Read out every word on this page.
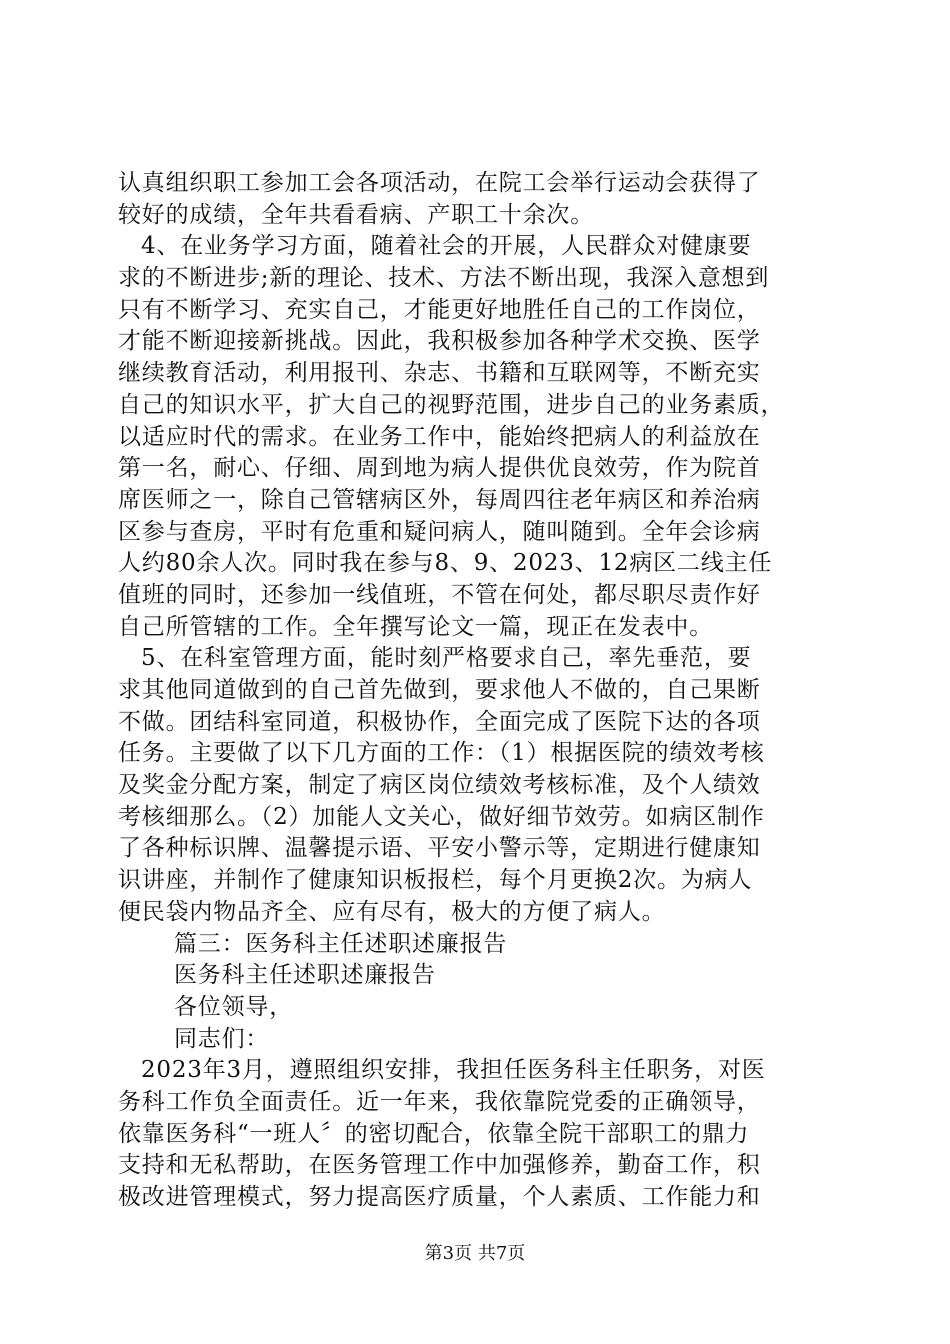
认真组织职工参加工会各项活动，在院工会举行运动会获得了
较好的成绩，全年共看看病、产职工十余次。
4、在业务学习方面，随着社会的开展，人民群众对健康要
求的不断进步;新的理论、技术、方法不断出现，我深入意想到
只有不断学习、充实自己，才能更好地胜任自己的工作岗位，
才能不断迎接新挑战。因此，我积极参加各种学术交换、医学
继续教育活动，利用报刊、杂志、书籍和互联网等，不断充实
自己的知识水平，扩大自己的视野范围，进步自己的业务素质，
以适应时代的需求。在业务工作中，能始终把病人的利益放在
第一名，耐心、仔细、周到地为病人提供优良效劳，作为院首
席医师之一，除自己管辖病区外，每周四往老年病区和养治病
区参与查房，平时有危重和疑问病人，随叫随到。全年会诊病
人约80余人次。同时我在参与8、9、2023、12病区二线主任
值班的同时，还参加一线值班，不管在何处，都尽职尽责作好
自己所管辖的工作。全年撰写论文一篇，现正在发表中。
5、在科室管理方面，能时刻严格要求自己，率先垂范，要
求其他同道做到的自己首先做到，要求他人不做的，自己果断
不做。团结科室同道，积极协作，全面完成了医院下达的各项
任务。主要做了以下几方面的工作：（1）根据医院的绩效考核
及奖金分配方案，制定了病区岗位绩效考核标准，及个人绩效
考核细那么。（2）加能人文关心，做好细节效劳。如病区制作
了各种标识牌、温馨提示语、平安小警示等，定期进行健康知
识讲座，并制作了健康知识板报栏，每个月更换2次。为病人
便民袋内物品齐全、应有尽有，极大的方便了病人。
篇三：医务科主任述职述廉报告
医务科主任述职述廉报告
各位领导，
同志们：
2023年3月，遵照组织安排，我担任医务科主任职务，对医
务科工作负全面责任。近一年来，我依靠院党委的正确领导，
依靠医务科“一班人〞的密切配合，依靠全院干部职工的鼎力
支持和无私帮助，在医务管理工作中加强修养，勤奋工作，积
极改进管理模式，努力提高医疗质量，个人素质、工作能力和
第3页 共7页
